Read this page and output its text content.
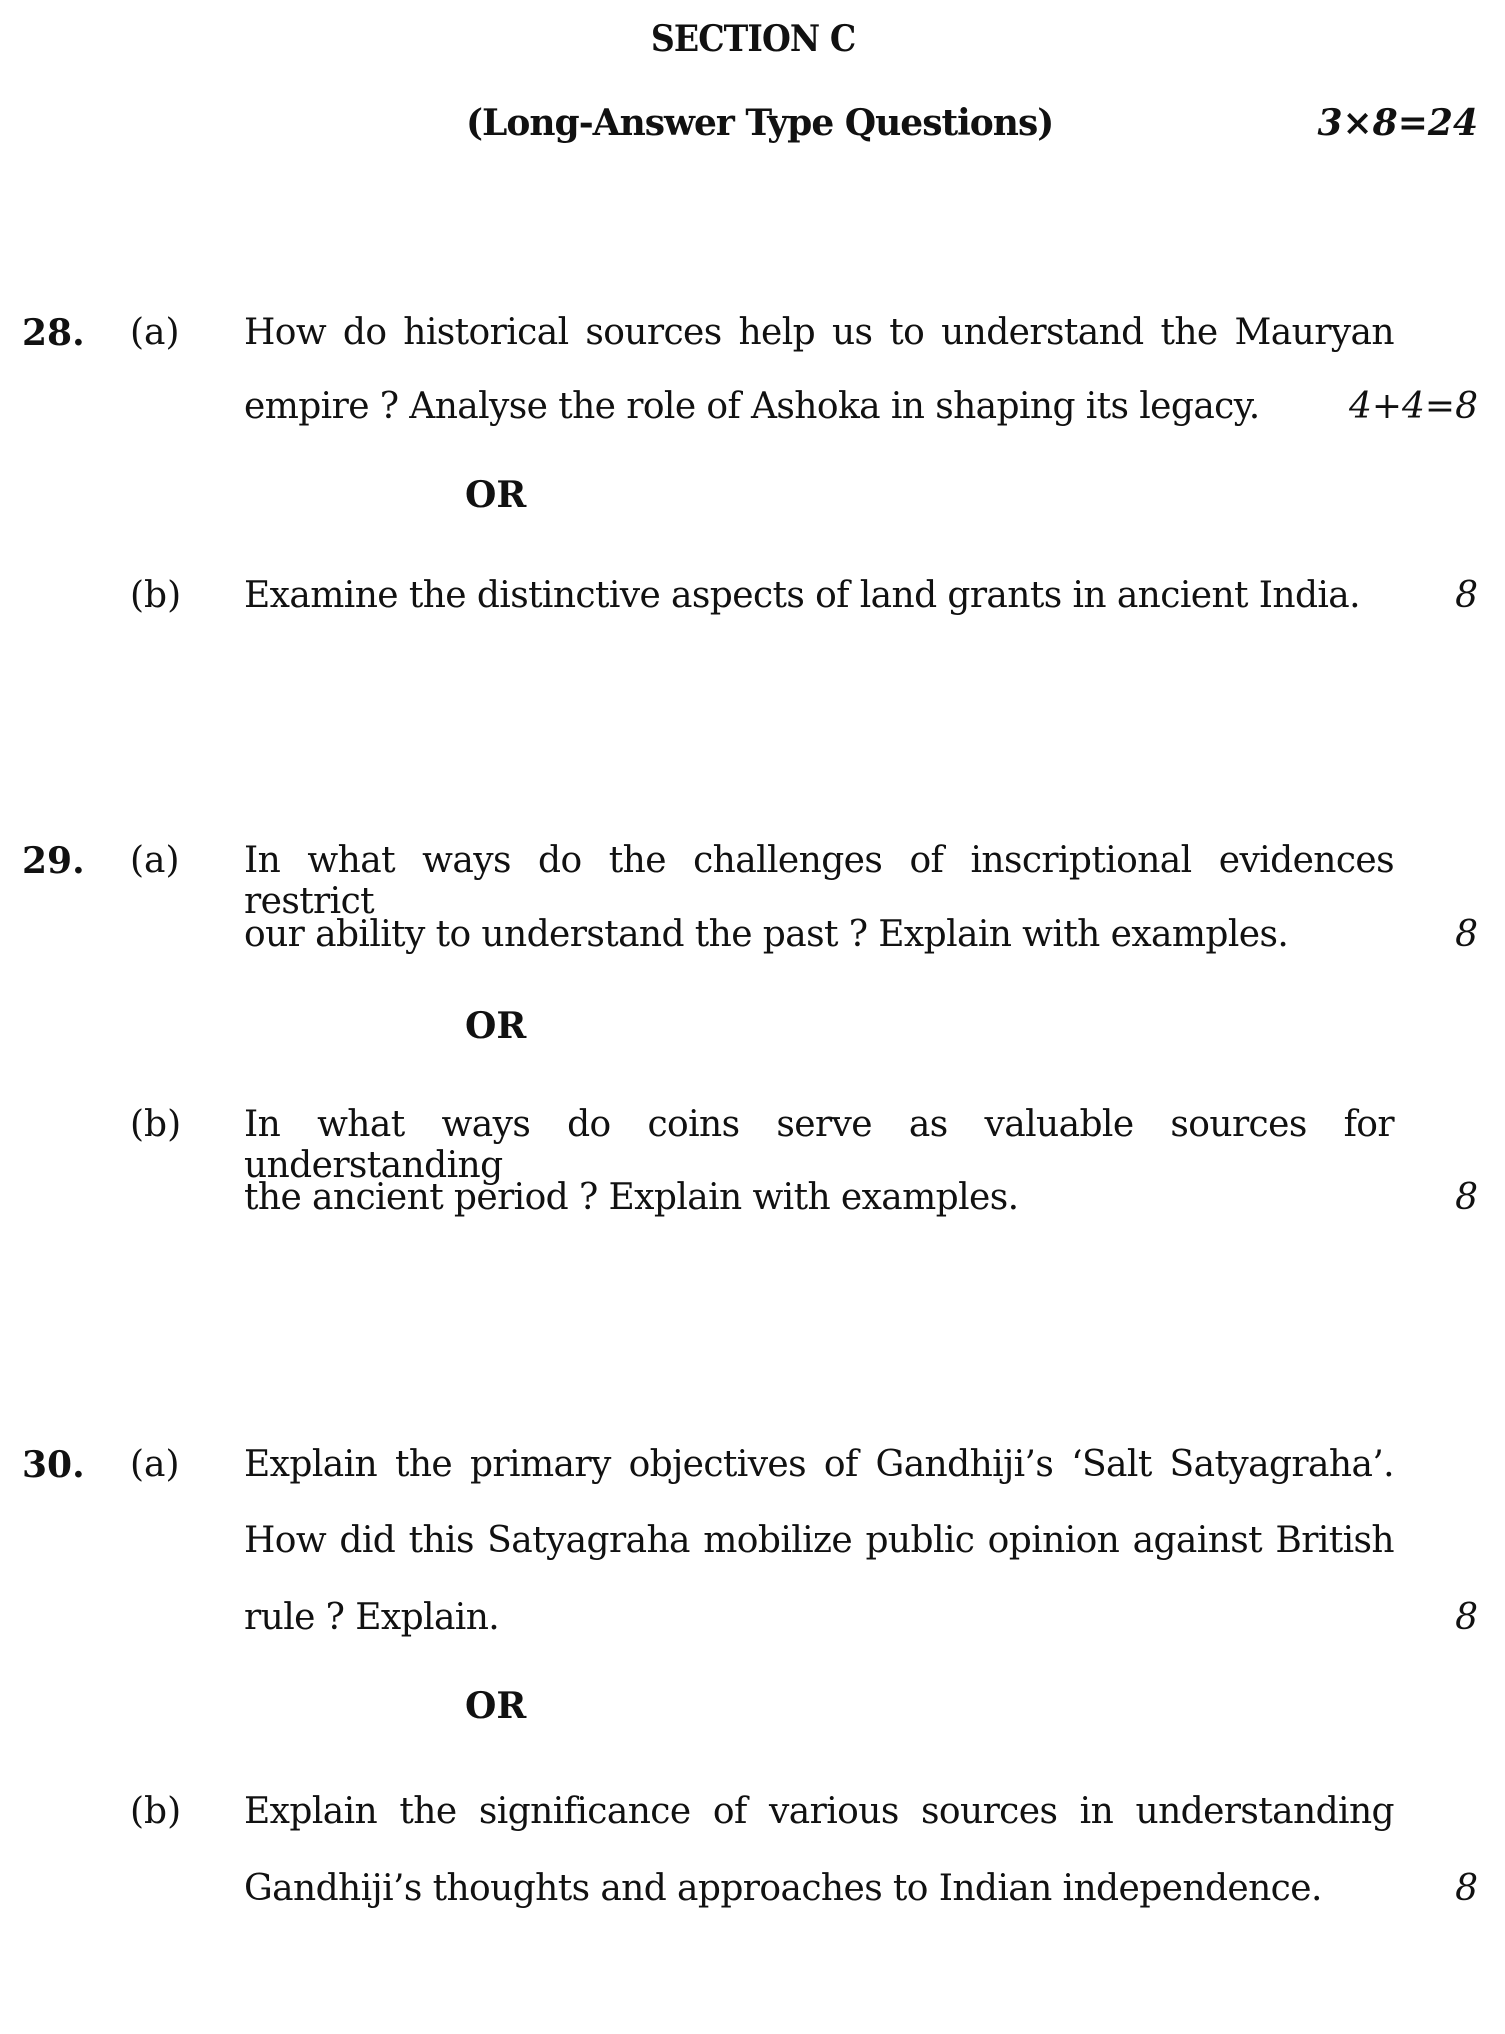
SECTION C
(Long-Answer Type Questions)	3×8=24
28. (a) How do historical sources help us to understand the Mauryan
empire ? Analyse the role of Ashoka in shaping its legacy.	4+4=8
OR
(b) Examine the distinctive aspects of land grants in ancient India.	8
29. (a) In what ways do the challenges of inscriptional evidences restrict
our ability to understand the past ? Explain with examples.	8
OR
(b) In what ways do coins serve as valuable sources for understanding
the ancient period ? Explain with examples.	8
30. (a) Explain the primary objectives of Gandhiji’s ‘Salt Satyagraha’.
How did this Satyagraha mobilize public opinion against British
rule ? Explain.	8
OR
(b) Explain the significance of various sources in understanding
Gandhiji’s thoughts and approaches to Indian independence.	8
